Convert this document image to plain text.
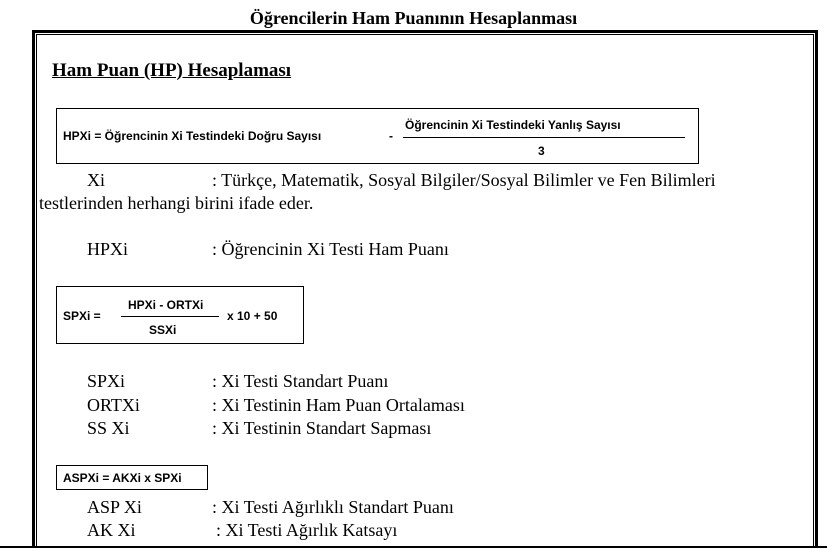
Öğrencilerin Ham Puanının Hesaplanması
Ham Puan (HP) Hesaplaması
HPXi = Öğrencinin Xi Testindeki Doğru Sayısı	-
Öğrencinin Xi Testindeki Yanlış Sayısı
3
Xi	: Türkçe, Matematik, Sosyal Bilgiler/Sosyal Bilimler ve Fen Bilimleri
testlerinden herhangi birini ifade eder.
HPXi	: Öğrencinin Xi Testi Ham Puanı
SPXi =
HPXi - ORTXi
SSXi
x 10 + 50
SPXi	: Xi Testi Standart Puanı
ORTXi	: Xi Testinin Ham Puan Ortalaması
SS Xi	: Xi Testinin Standart Sapması
ASPXi = AKXi x SPXi
ASP Xi	: Xi Testi Ağırlıklı Standart Puanı
AK Xi	: Xi Testi Ağırlık Katsayı
